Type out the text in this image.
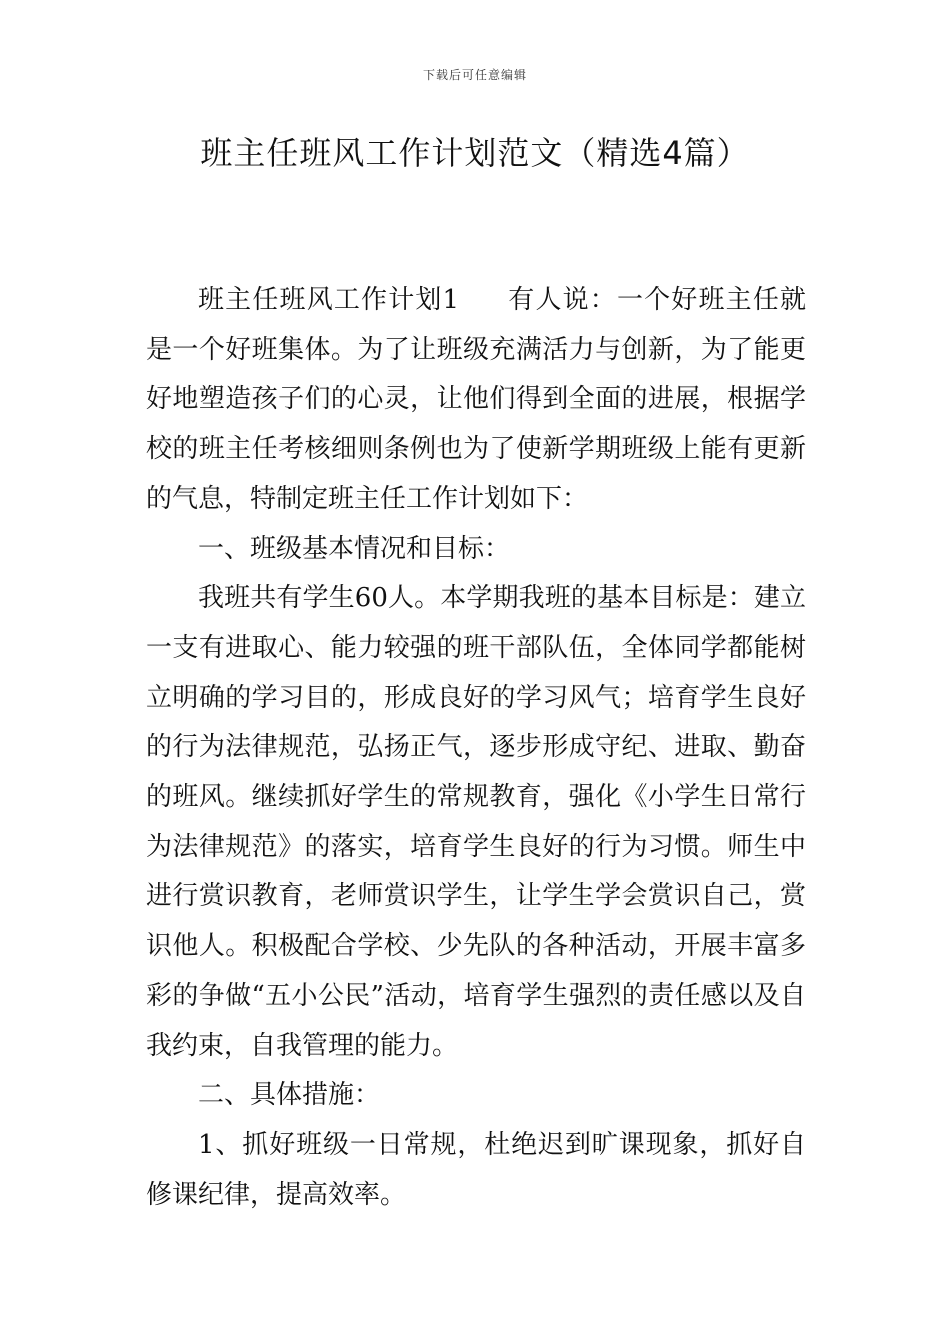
下载后可任意编辑
班主任班风工作计划范文（精选4篇）

班主任班风工作计划1 有人说：一个好班主任就是一个好班集体。为了让班级充满活力与创新，为了能更好地塑造孩子们的心灵，让他们得到全面的进展，根据学校的班主任考核细则条例也为了使新学期班级上能有更新的气息，特制定班主任工作计划如下：

一、班级基本情况和目标：

我班共有学生60人。本学期我班的基本目标是：建立一支有进取心、能力较强的班干部队伍，全体同学都能树立明确的学习目的，形成良好的学习风气；培育学生良好的行为法律规范，弘扬正气，逐步形成守纪、进取、勤奋的班风。继续抓好学生的常规教育，强化《小学生日常行为法律规范》的落实，培育学生良好的行为习惯。师生中进行赏识教育，老师赏识学生，让学生学会赏识自己，赏识他人。积极配合学校、少先队的各种活动，开展丰富多彩的争做“五小公民”活动，培育学生强烈的责任感以及自我约束，自我管理的能力。

二、具体措施：

1、抓好班级一日常规，杜绝迟到旷课现象，抓好自修课纪律，提高效率。
